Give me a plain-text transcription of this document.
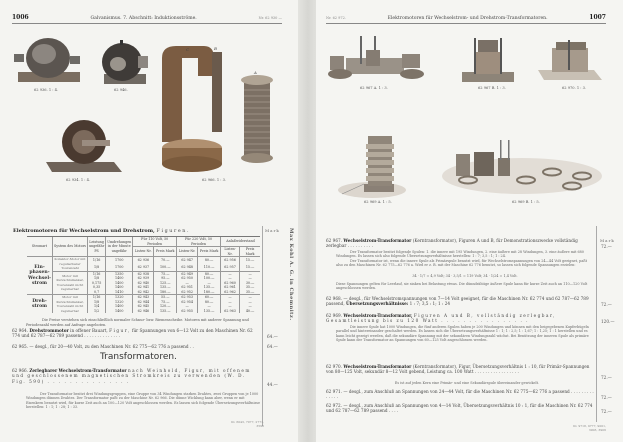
1006	Galvanismus. 7. Abschnitt: Induktionsströme.	Nr. 62 930 —
62 936. 1 : 4.	62 946.
62 934. 1 : 4.
C	B
A
62 966. 1 : 3.
Elektromotoren für Wechselstrom und Drehstrom, Figuren.	Mark
Stromart	System des Motors	Leistung ungefähr PS	Umdrehungen in der Minute ungefähr	Für 110 Volt, 50 Perioden		Für 220 Volt, 50 Perioden		Anlaßwiderstand	
				Listen-Nr.	Preis Mark	Listen-Nr.	Preis Mark	Listen-Nr.	Preis Mark
Ein-phasen-Wechsel-strom	Kollektor-Motor mit regulierbarer Tourenzahl	1/16	1700	62 936	70.—	62 947	80.—	62 956	15.—
		1/8	1700	62 937	100.—	62 948	110.—	62 957	15.—
	Motor mit Kurzschlußanker, Tourenzahl nicht regulierbar	1/16	1350	62 938	75.—	62 949	80.—	—	—
		1/8	1400	62 939	95.—	62 950	100.—	—	—
		0,175	1400	62 940	125.—	—	—	62 960	30.—
		0,35	1400	62 941	135.—	62 951	135.—	62 961	35.—
		0,7	1410	62 942	180.—	62 952	180.—	62 962	35.—
Dreh-strom	Motor mit Kurzschlußanker, Tourenzahl nicht regulierbar	1/16	1320	62 943	55.—	62 953	60.—	—	—
		1/8	1320	62 944	75.—	62 954	80.—	—	—
		1/4	1400	62 945	120.—	—	—	—	—
		1/2	1400	62 946	135.—	62 955	135.—	62 963	40.—
Die Preise verstehen sich einschließlich normaler Schnur- bzw. Riemenscheibe. Motoren mit anderer Spannung und Periodenzahl werden auf Anfrage angeboten.
62 964. Drehstrommotor in offener Bauart, Figur, für Spannungen von 6—12 Volt zu den Maschinen Nr. 62 774 und 62 787—62 789 passend . . . . . . . . . . . . . .	64.—
62 965. — desgl., für 20—40 Volt, zu den Maschinen Nr. 62 775—62 776 a passend . .	64.—
Transformatoren.
62 966. Zerlegbarer Wechselstrom-Transformator nach Weinhold, Figur, mit offenem und geschlossenem magnetischen Stromkreis zu verwenden (W. D. Fig. 590) . . . . . . . . . . . . . . .
44.—
Der Transformator besitzt drei Windungsgruppen, eine Gruppe von 34 Windungen starken Drahtes, zwei Gruppen von je 1000 Windungen dünnen Drahtes. Der Transformator paßt zu der Maschine Nr. 62 966. Die dünne Wicklung kann aber, wenn er mit Eisenkern benutzt wird, für kurze Zeit auch an 100—120 Volt angeschlossen werden. Es lassen sich folgende Übersetzungsverhältnisse herstellen: 1 : 1; 1 : 28; 1 : 33.
Kl. 6043, 7077, 2771, 3596
Max Kohl A. G. in Chemnitz.
Nr. 62 972.	Elektromotoren für Wechselstrom- und Drehstrom-Transformatoren.	1007
62 967 A. 1 : 3.	62 967 B. 1 : 3.	62 970. 1 : 3.
62 969 A. 1 : 5.	62 969 B. 1 : 5.
Mark
62 967. Wechselstrom-Transformator (Kerntransformator), Figuren A und B, für Demonstrationszwecke vollständig zerlegbar . . . . . . . . . .	72.—
Der Transformator besitzt folgende Spulen: 1. die innere mit 195 Windungen, 2. eine äußere mit 28 Windungen, 3. eine äußere mit 680 Windungen. Es lassen sich also folgende Übersetzungsverhältnisse herstellen: 1 : 7; 3,5 : 1; 1 : 24.
Der Transformator ist, wenn die innere Spule als Primärspule benutzt wird, für Wechselstromspannungen von 24—44 Volt geeignet, paßt also zu den Maschinen Nr. 62 775—62 776 a. Wird er z. B. mit der Maschine 62 776 benutzt, so lassen sich folgende Spannungen erzielen:
34 · 1/7 = 4,9 Volt; 34 · 3,5/1 = 119 Volt; 34 · 1/24 = 1,4 Volt.
Diese Spannungen gelten für Leerlauf, sie sinken bei Belastung etwas. Die dünndrähtige äußere Spule kann für kurze Zeit auch an 110—120 Volt angeschlossen werden.
62 968. — desgl., für Wechselstromspannungen von 7—14 Volt geeignet, für die Maschinen Nr. 62 774 und 62 787—62 789 passend, Übersetzungsverhältnisse: 1 : 7; 3,5 : 1; 1 : 24	72.—
62 969. Wechselstrom-Transformator, Figuren A und B, vollständig zerlegbar, Gesamtleistung bis zu 120 Watt . . . . . . . . . . . . . . . .	120.—
Die innere Spule hat 1000 Windungen, die fünf anderen Spulen haben je 200 Windungen und können mit den beigegebenen Kupferbügeln parallel und hintereinander geschaltet werden. Es lassen sich die Übersetzungsverhältnisse 1 : 1; 1 : 2,5; 1 : 1,67; 1 : 1,25; 1 : 1 herstellen und es kann leicht gezeigt werden, daß die sekundäre Spannung mit der sekundären Windungszahl wächst. Bei Benützung der inneren Spule als primäre Spule kann der Transformator an Spannungen von 60—125 Volt angeschlossen werden.
62 970. Wechselstrom-Transformator (Kerntransformator), Figur, Übersetzungsverhältnis 1 : 10, für Primär-Spannungen von 80—125 Volt, sekundär 8—12 Volt gebend, Leistung ca. 100 Watt . . . . . . . . . . . . . . . . .
72.—
Es ist auf jeden Kern eine Primär- und eine Sekundärspule übereinander gewickelt.
62 971. — desgl., zum Anschluß an Spannungen von 24—44 Volt, für die Maschinen Nr. 62 775—62 776 a passend . . . . . . . . . . . . . .	72.—
62 972. — desgl., zum Anschluß an Spannungen von 4—14 Volt, Übersetzungsverhältnis 10 : 1, für die Maschinen Nr. 62 774 und 62 787—62 789 passend . . . .	72.—
Kl. 9718, 9777, 9001, 3903, 3906
